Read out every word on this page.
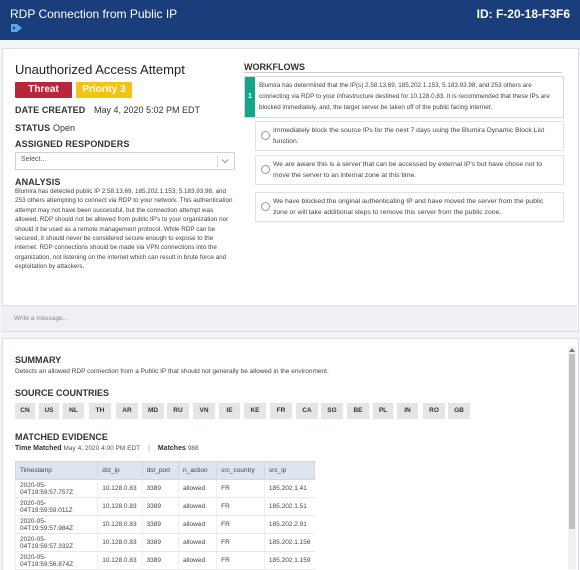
RDP Connection from Public IP	ID: F-20-18-F3F6
Unauthorized Access Attempt
Threat	Priority 3
DATE CREATED May 4, 2020 5:02 PM EDT
STATUS Open
ASSIGNED RESPONDERS
Select...
ANALYSIS
Blumira has detected public IP 2.58.13.69, 185.202.1.153, 5.183.93.98, and 253 others attempting to connect via RDP to your network. This authentication attempt may not have been successful, but the connection attempt was allowed. RDP should not be allowed from public IP's to your organization nor should it be used as a remote management protocol. While RDP can be secured, it should never be considered secure enough to expose to the internet. RDP connections should be made via VPN connections into the organization, not listening on the internet which can result in brute force and exploitation by attackers.
WORKFLOWS
1
Blumira has determined that the IP(s) 2.58.13.69, 185.202.1.153, 5.183.93.98, and 253 others are connecting via RDP to your infrastructure destined for 10.128.0.83. It is recommended that these IPs are blocked immediately, and, the target server be taken off of the public facing internet.
Immediately block the source IPs for the next 7 days using the Blumira Dynamic Block List function.
We are aware this is a server that can be accessed by external IP's but have chose not to move the server to an internal zone at this time.
We have blocked the original authenticating IP and have moved the server from the public zone or will take additional steps to remove this server from the public zone.
Write a message...
SUMMARY
Detects an allowed RDP connection from a Public IP that should not generally be allowed in the environment.
SOURCE COUNTRIES
CN	US	NL	TH	AR	MD	RU	VN	IE	KE	FR	CA	SG	BE	PL	IN	RO	GB
MATCHED EVIDENCE
Time Matched May 4, 2020 4:00 PM EDT | Matches 988
Timestamp	dst_ip	dst_port	n_action	src_country	src_ip
2020-05-04T19:59:57.757Z	10.128.0.83	3389	allowed	FR	185.202.1.41
2020-05-04T19:59:59.011Z	10.128.0.83	3389	allowed	FR	185.202.1.51
2020-05-04T19:59:57.984Z	10.128.0.83	3389	allowed	FR	185.202.2.91
2020-05-04T19:59:57.332Z	10.128.0.83	3389	allowed	FR	185.202.1.156
2020-05-04T19:59:56.874Z	10.128.0.83	3389	allowed	FR	185.202.1.159
